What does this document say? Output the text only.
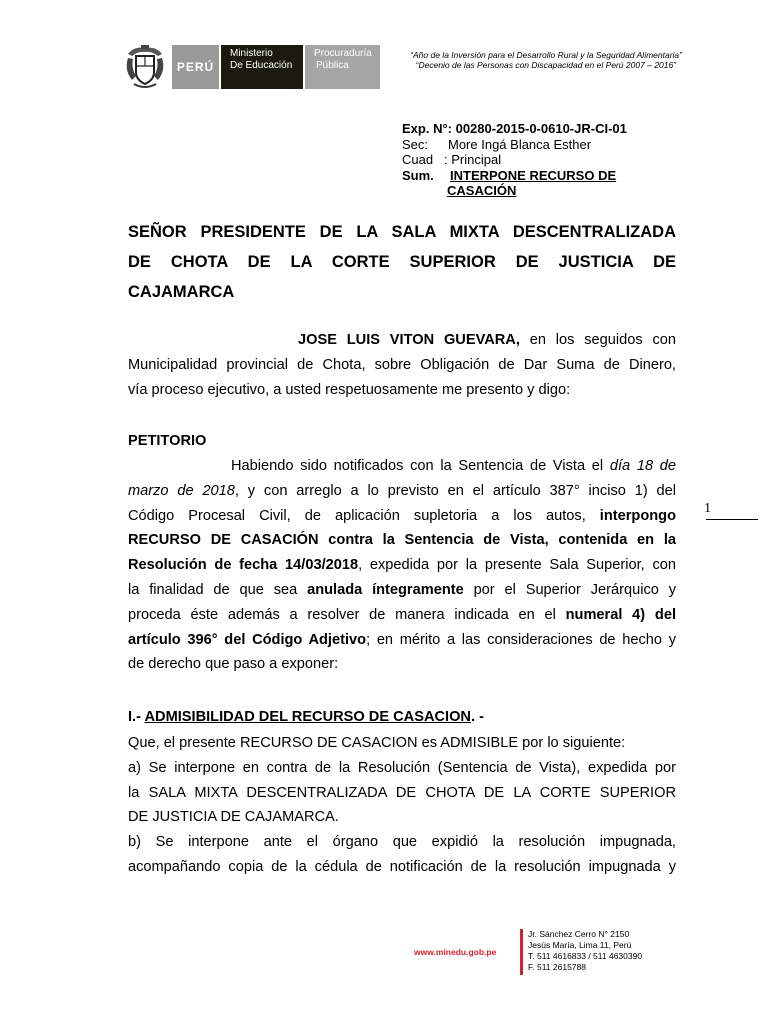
PERÚ
Ministerio
De Educación
Procuraduría
Pública
“Año de la Inversión para el Desarrollo Rural y la Seguridad Alimentaria”
“Decenio de las Personas con Discapacidad en el Perú 2007 – 2016”
Exp. N°: 00280-2015-0-0610-JR-CI-01
Sec: More Ingá Blanca Esther
Cuad : Principal
Sum. INTERPONE RECURSO DE
CASACIÓN
SEÑOR PRESIDENTE DE LA SALA MIXTA DESCENTRALIZADA
DE CHOTA DE LA CORTE SUPERIOR DE JUSTICIA DE
CAJAMARCA
JOSE LUIS VITON GUEVARA, en los seguidos con
Municipalidad provincial de Chota, sobre Obligación de Dar Suma de Dinero,
vía proceso ejecutivo, a usted respetuosamente me presento y digo:
PETITORIO
Habiendo sido notificados con la Sentencia de Vista el día 18 de
marzo de 2018, y con arreglo a lo previsto en el artículo 387° inciso 1) del
Código Procesal Civil, de aplicación supletoria a los autos, interpongo
RECURSO DE CASACIÓN contra la Sentencia de Vista, contenida en la
Resolución de fecha 14/03/2018, expedida por la presente Sala Superior, con
la finalidad de que sea anulada íntegramente por el Superior Jerárquico y
proceda éste además a resolver de manera indicada en el numeral 4) del
artículo 396° del Código Adjetivo; en mérito a las consideraciones de hecho y
de derecho que paso a exponer:
1
I.- ADMISIBILIDAD DEL RECURSO DE CASACION. -
Que, el presente RECURSO DE CASACION es ADMISIBLE por lo siguiente:
a) Se interpone en contra de la Resolución (Sentencia de Vista), expedida por
la SALA MIXTA DESCENTRALIZADA DE CHOTA DE LA CORTE SUPERIOR
DE JUSTICIA DE CAJAMARCA.
b) Se interpone ante el órgano que expidió la resolución impugnada,
acompañando copia de la cédula de notificación de la resolución impugnada y
www.minedu.gob.pe
Jr. Sánchez Cerro N° 2150
Jesús María, Lima 11, Perú
T. 511 4616833 / 511 4630390
F. 511 2615788
